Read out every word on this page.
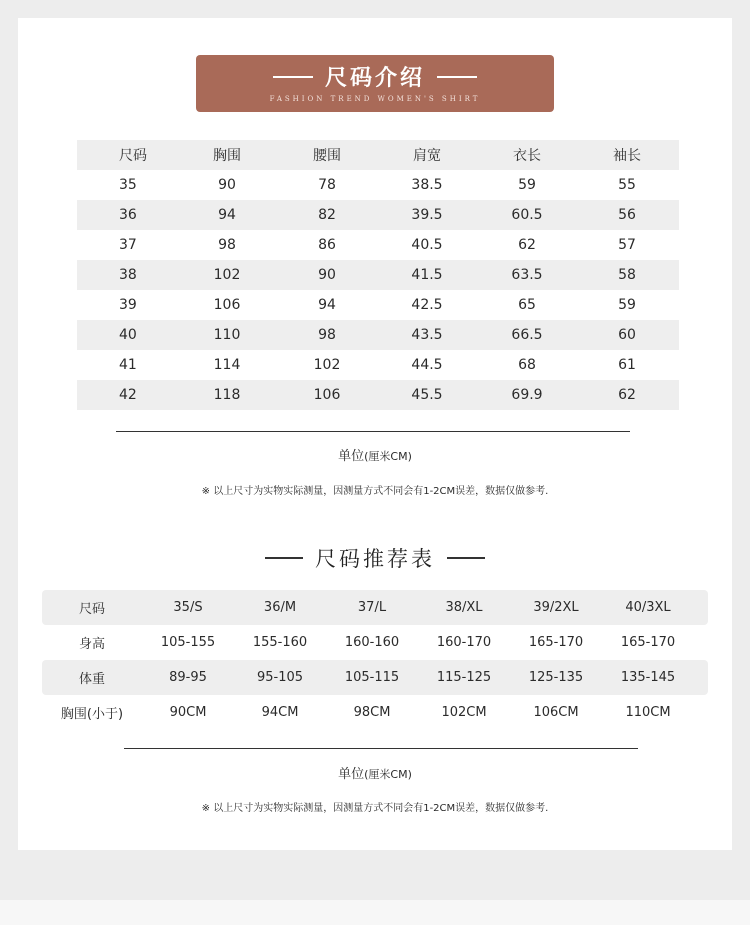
尺码介绍
FASHION TREND WOMEN'S SHIRT
尺码	胸围	腰围	肩宽	衣长	袖长
35	90	78	38.5	59	55
36	94	82	39.5	60.5	56
37	98	86	40.5	62	57
38	102	90	41.5	63.5	58
39	106	94	42.5	65	59
40	110	98	43.5	66.5	60
41	114	102	44.5	68	61
42	118	106	45.5	69.9	62
单位(厘米CM)
※ 以上尺寸为实物实际测量，因测量方式不同会有1-2CM误差，数据仅做参考.
尺码推荐表
尺码	35/S	36/M	37/L	38/XL	39/2XL	40/3XL
身高	105-155	155-160	160-160	160-170	165-170	165-170
体重	89-95	95-105	105-115	115-125	125-135	135-145
胸围(小于)	90CM	94CM	98CM	102CM	106CM	110CM
单位(厘米CM)
※ 以上尺寸为实物实际测量，因测量方式不同会有1-2CM误差，数据仅做参考.
